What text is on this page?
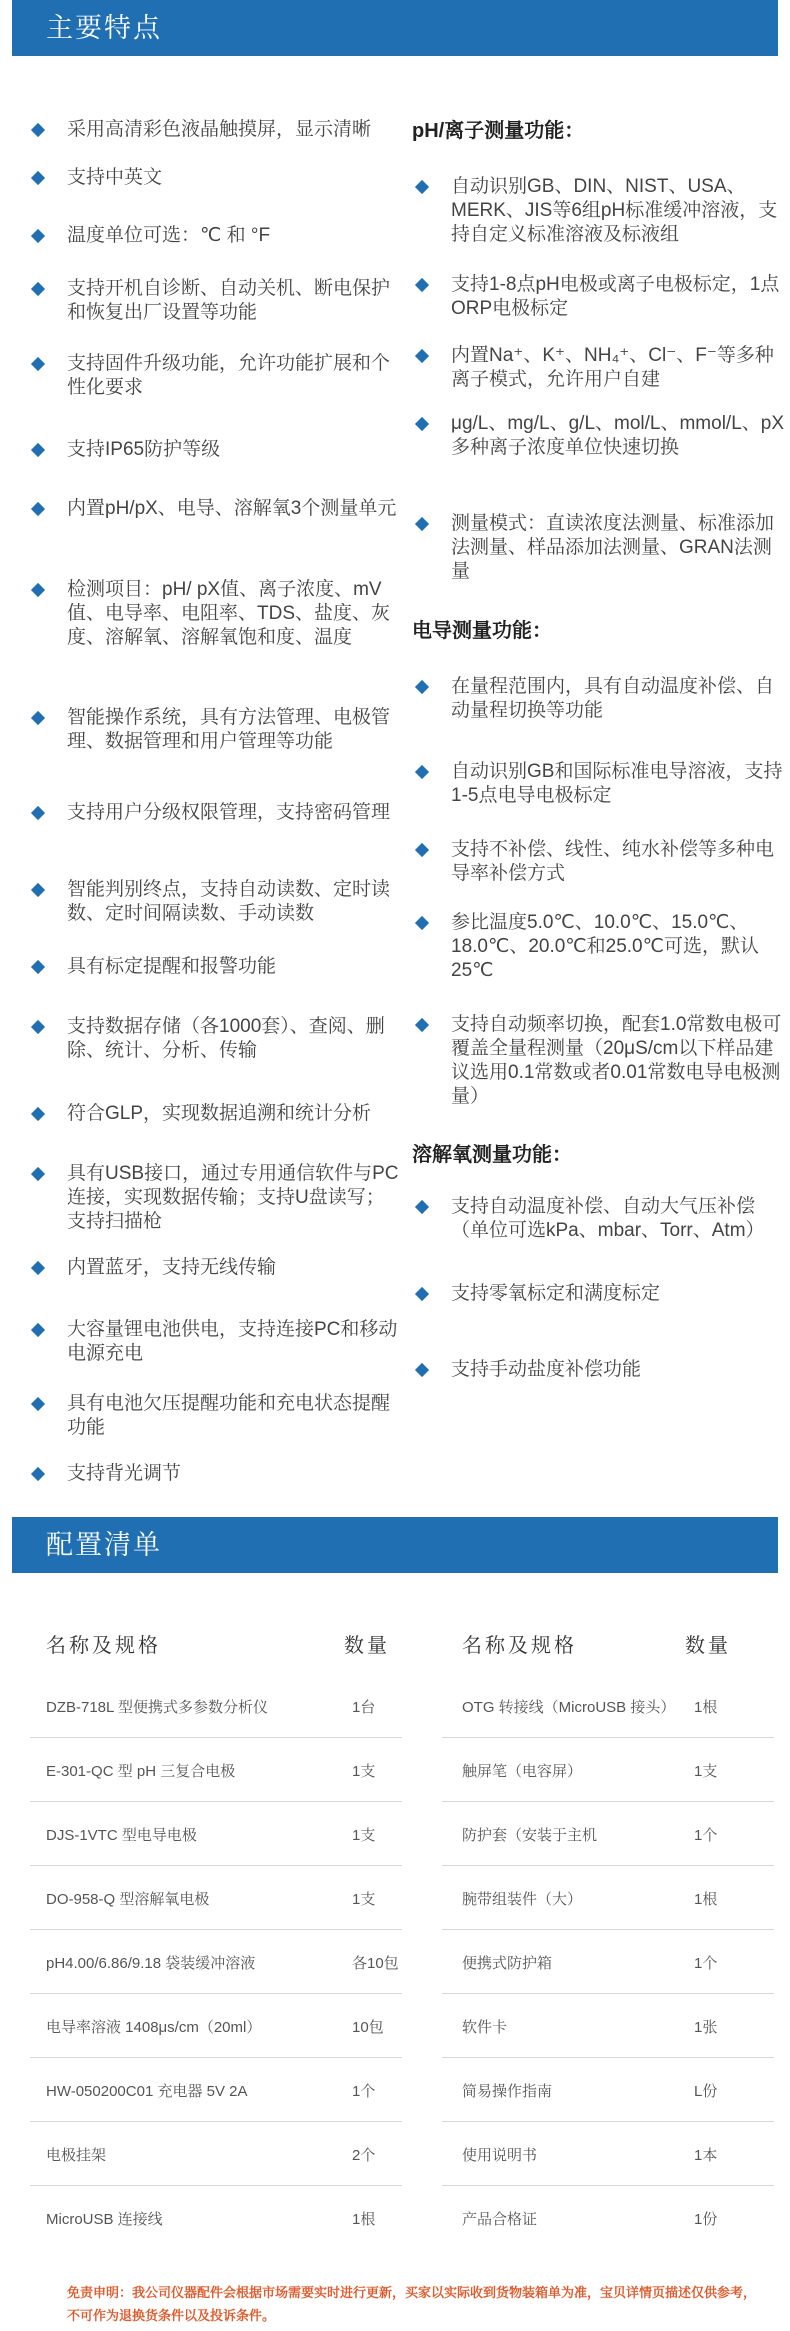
主要特点
采用高清彩色液晶触摸屏，显示清晰
支持中英文
温度单位可选：℃ 和 °F
支持开机自诊断、自动关机、断电保护和恢复出厂设置等功能
支持固件升级功能，允许功能扩展和个性化要求
支持IP65防护等级
内置pH/pX、电导、溶解氧3个测量单元
检测项目：pH/ pX值、离子浓度、mV值、电导率、电阻率、TDS、盐度、灰度、溶解氧、溶解氧饱和度、温度
智能操作系统，具有方法管理、电极管理、数据管理和用户管理等功能
支持用户分级权限管理，支持密码管理
智能判别终点，支持自动读数、定时读数、定时间隔读数、手动读数
具有标定提醒和报警功能
支持数据存储（各1000套）、查阅、删除、统计、分析、传输
符合GLP，实现数据追溯和统计分析
具有USB接口，通过专用通信软件与PC连接，实现数据传输；支持U盘读写；支持扫描枪
内置蓝牙，支持无线传输
大容量锂电池供电，支持连接PC和移动电源充电
具有电池欠压提醒功能和充电状态提醒功能
支持背光调节
pH/离子测量功能：
自动识别GB、DIN、NIST、USA、MERK、JIS等6组pH标准缓冲溶液，支持自定义标准溶液及标液组
支持1-8点pH电极或离子电极标定，1点ORP电极标定
内置Na⁺、K⁺、NH₄⁺、Cl⁻、F⁻等多种离子模式，允许用户自建
μg/L、mg/L、g/L、mol/L、mmol/L、pX多种离子浓度单位快速切换
测量模式：直读浓度法测量、标准添加法测量、样品添加法测量、GRAN法测量
电导测量功能：
在量程范围内，具有自动温度补偿、自动量程切换等功能
自动识别GB和国际标准电导溶液，支持1-5点电导电极标定
支持不补偿、线性、纯水补偿等多种电导率补偿方式
参比温度5.0℃、10.0℃、15.0℃、18.0℃、20.0℃和25.0℃可选，默认25℃
支持自动频率切换，配套1.0常数电极可覆盖全量程测量（20μS/cm以下样品建议选用0.1常数或者0.01常数电导电极测量）
溶解氧测量功能：
支持自动温度补偿、自动大气压补偿（单位可选kPa、mbar、Torr、Atm）
支持零氧标定和满度标定
支持手动盐度补偿功能
配置清单
名称及规格	数量
DZB-718L 型便携式多参数分析仪	1台
E-301-QC 型 pH 三复合电极	1支
DJS-1VTC 型电导电极	1支
DO-958-Q 型溶解氧电极	1支
pH4.00/6.86/9.18 袋装缓冲溶液	各10包
电导率溶液 1408μs/cm（20ml）	10包
HW-050200C01 充电器 5V 2A	1个
电极挂架	2个
MicroUSB 连接线	1根
名称及规格	数量
OTG 转接线（MicroUSB 接头） 1根
触屏笔（电容屏）	1支
防护套（安装于主机	1个
腕带组装件（大）	1根
便携式防护箱	1个
软件卡	1张
简易操作指南	L份
使用说明书	1本
产品合格证	1份
免责申明：我公司仪器配件会根据市场需要实时进行更新，买家以实际收到货物装箱单为准，宝贝详情页描述仅供参考，不可作为退换货条件以及投诉条件。
